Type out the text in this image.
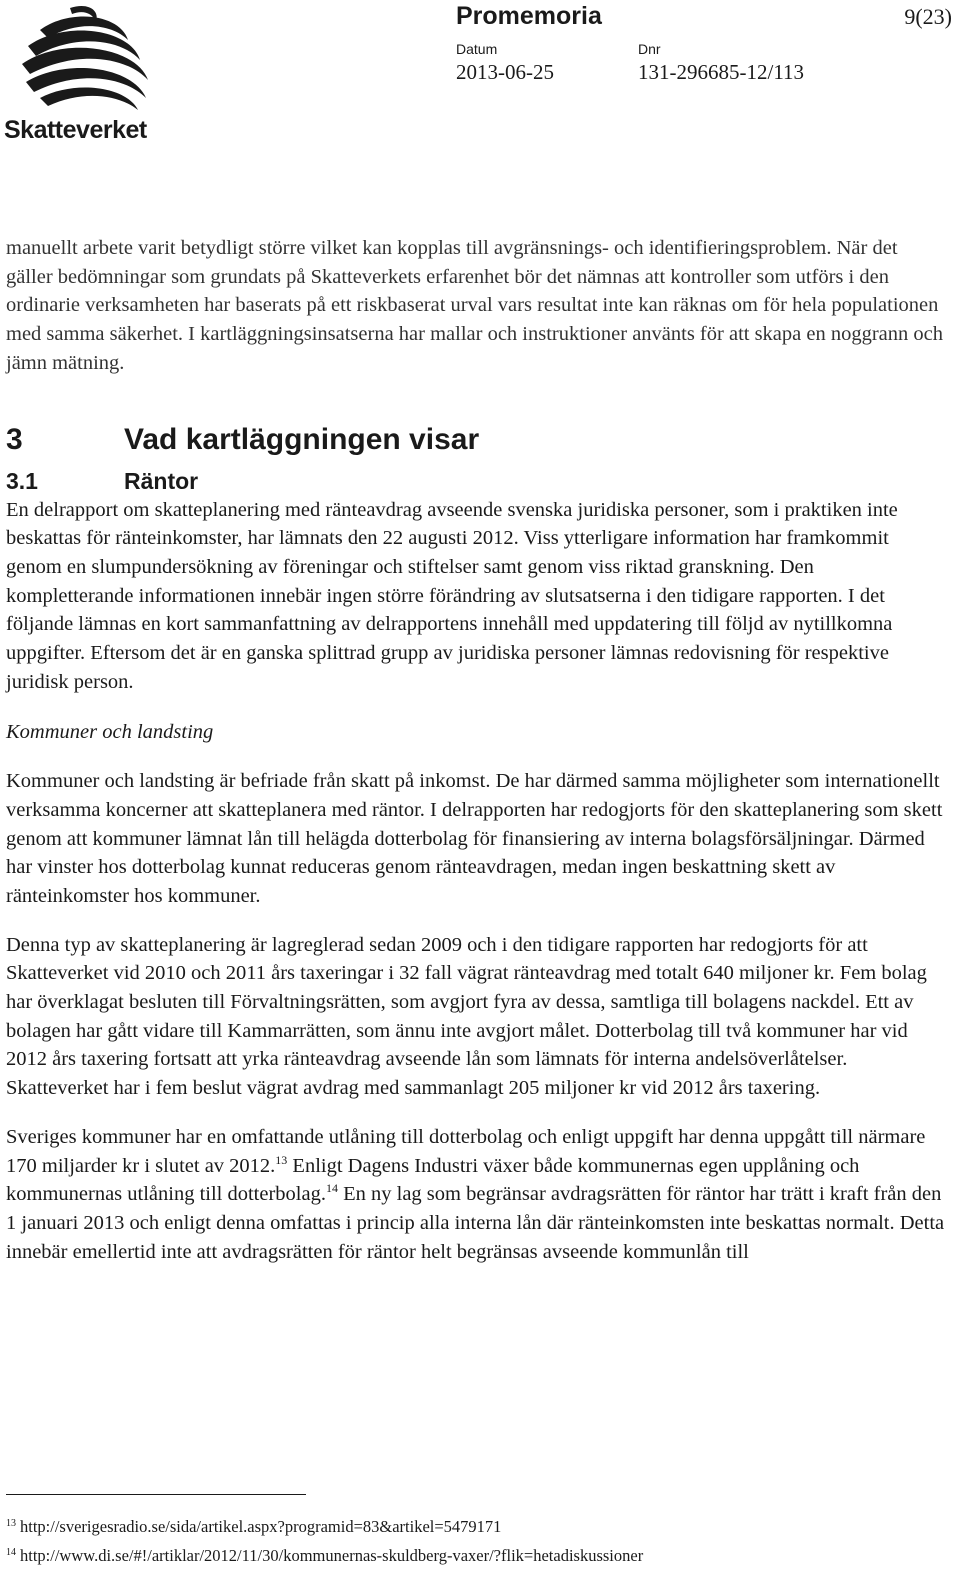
Skatteverket
Promemoria	9(23)
Datum
2013-06-25
Dnr
131-296685-12/113

manuellt arbete varit betydligt större vilket kan kopplas till avgränsnings- och identifieringsproblem. När det gäller bedömningar som grundats på Skatteverkets erfarenhet bör det nämnas att kontroller som utförs i den ordinarie verksamheten har baserats på ett riskbaserat urval vars resultat inte kan räknas om för hela populationen med samma säkerhet. I kartläggningsinsatserna har mallar och instruktioner använts för att skapa en noggrann och jämn mätning.

3	Vad kartläggningen visar
3.1	Räntor

En delrapport om skatteplanering med ränteavdrag avseende svenska juridiska personer, som i praktiken inte beskattas för ränteinkomster, har lämnats den 22 augusti 2012. Viss ytterligare information har framkommit genom en slumpundersökning av föreningar och stiftelser samt genom viss riktad granskning. Den kompletterande informationen innebär ingen större förändring av slutsatserna i den tidigare rapporten. I det följande lämnas en kort sammanfattning av delrapportens innehåll med uppdatering till följd av nytillkomna uppgifter. Eftersom det är en ganska splittrad grupp av juridiska personer lämnas redovisning för respektive juridisk person.

Kommuner och landsting

Kommuner och landsting är befriade från skatt på inkomst. De har därmed samma möjligheter som internationellt verksamma koncerner att skatteplanera med räntor. I delrapporten har redogjorts för den skatteplanering som skett genom att kommuner lämnat lån till helägda dotterbolag för finansiering av interna bolagsförsäljningar. Därmed har vinster hos dotterbolag kunnat reduceras genom ränteavdragen, medan ingen beskattning skett av ränteinkomster hos kommuner.

Denna typ av skatteplanering är lagreglerad sedan 2009 och i den tidigare rapporten har redogjorts för att Skatteverket vid 2010 och 2011 års taxeringar i 32 fall vägrat ränteavdrag med totalt 640 miljoner kr. Fem bolag har överklagat besluten till Förvaltningsrätten, som avgjort fyra av dessa, samtliga till bolagens nackdel. Ett av bolagen har gått vidare till Kammarrätten, som ännu inte avgjort målet. Dotterbolag till två kommuner har vid 2012 års taxering fortsatt att yrka ränteavdrag avseende lån som lämnats för interna andelsöverlåtelser. Skatteverket har i fem beslut vägrat avdrag med sammanlagt 205 miljoner kr vid 2012 års taxering.

Sveriges kommuner har en omfattande utlåning till dotterbolag och enligt uppgift har denna uppgått till närmare 170 miljarder kr i slutet av 2012.13 Enligt Dagens Industri växer både kommunernas egen upplåning och kommunernas utlåning till dotterbolag.$^{14}$ En ny lag som begränsar avdragsrätten för räntor har trätt i kraft från den 1 januari 2013 och enligt denna omfattas i princip alla interna lån där ränteinkomsten inte beskattas normalt. Detta innebär emellertid inte att avdragsrätten för räntor helt begränsas avseende kommunlån till

$^{13}$ http://sverigesradio.se/sida/artikel.aspx?programid=83&artikel=5479171
$^{14}$ http://www.di.se/#!/artiklar/2012/11/30/kommunernas-skuldberg-vaxer/?flik=hetadiskussioner
